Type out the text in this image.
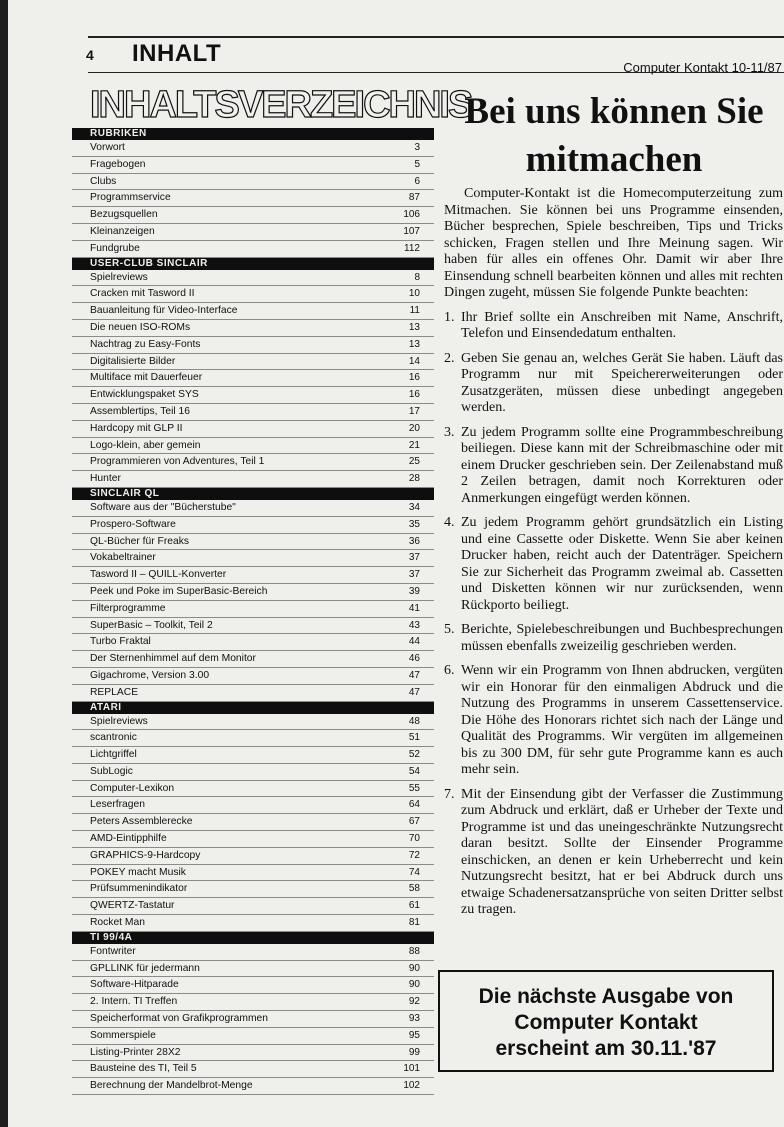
4 INHALT
Computer Kontakt 10-11/87
INHALTSVERZEICHNIS
RUBRIKEN
Vorwort	3
Fragebogen	5
Clubs	6
Programmservice	87
Bezugsquellen	106
Kleinanzeigen	107
Fundgrube	112
USER-CLUB SINCLAIR
Spielreviews	8
Cracken mit Tasword II	10
Bauanleitung für Video-Interface	11
Die neuen ISO-ROMs	13
Nachtrag zu Easy-Fonts	13
Digitalisierte Bilder	14
Multiface mit Dauerfeuer	16
Entwicklungspaket SYS	16
Assemblertips, Teil 16	17
Hardcopy mit GLP II	20
Logo-klein, aber gemein	21
Programmieren von Adventures, Teil 1	25
Hunter	28
SINCLAIR QL
Software aus der "Bücherstube"	34
Prospero-Software	35
QL-Bücher für Freaks	36
Vokabeltrainer	37
Tasword II – QUILL-Konverter	37
Peek und Poke im SuperBasic-Bereich	39
Filterprogramme	41
SuperBasic – Toolkit, Teil 2	43
Turbo Fraktal	44
Der Sternenhimmel auf dem Monitor	46
Gigachrome, Version 3.00	47
REPLACE	47
ATARI
Spielreviews	48
scantronic	51
Lichtgriffel	52
SubLogic	54
Computer-Lexikon	55
Leserfragen	64
Peters Assemblerecke	67
AMD-Eintipphilfe	70
GRAPHICS-9-Hardcopy	72
POKEY macht Musik	74
Prüfsummenindikator	58
QWERTZ-Tastatur	61
Rocket Man	81
TI 99/4A
Fontwriter	88
GPLLINK für jedermann	90
Software-Hitparade	90
2. Intern. TI Treffen	92
Speicherformat von Grafikprogrammen	93
Sommerspiele	95
Listing-Printer 28X2	99
Bausteine des TI, Teil 5	101
Berechnung der Mandelbrot-Menge	102
Bei uns können Sie
mitmachen

Computer-Kontakt ist die Homecomputerzeitung zum Mitmachen. Sie können bei uns Programme einsenden, Bücher besprechen, Spiele beschreiben, Tips und Tricks schicken, Fragen stellen und Ihre Meinung sagen. Wir haben für alles ein offenes Ohr. Damit wir aber Ihre Einsendung schnell bearbeiten können und alles mit rechten Dingen zugeht, müssen Sie folgende Punkte beachten:

1. Ihr Brief sollte ein Anschreiben mit Name, Anschrift, Telefon und Einsendedatum enthalten.
2. Geben Sie genau an, welches Gerät Sie haben. Läuft das Programm nur mit Speichererweiterungen oder Zusatzgeräten, müssen diese unbedingt angegeben werden.
3. Zu jedem Programm sollte eine Programmbeschreibung beiliegen. Diese kann mit der Schreibmaschine oder mit einem Drucker geschrieben sein. Der Zeilenabstand muß 2 Zeilen betragen, damit noch Korrekturen oder Anmerkungen eingefügt werden können.
4. Zu jedem Programm gehört grundsätzlich ein Listing und eine Cassette oder Diskette. Wenn Sie aber keinen Drucker haben, reicht auch der Datenträger. Speichern Sie zur Sicherheit das Programm zweimal ab. Cassetten und Disketten können wir nur zurücksenden, wenn Rückporto beiliegt.
5. Berichte, Spielebeschreibungen und Buchbesprechungen müssen ebenfalls zweizeilig geschrieben werden.
6. Wenn wir ein Programm von Ihnen abdrucken, vergüten wir ein Honorar für den einmaligen Abdruck und die Nutzung des Programms in unserem Cassettenservice. Die Höhe des Honorars richtet sich nach der Länge und Qualität des Programms. Wir vergüten im allgemeinen bis zu 300 DM, für sehr gute Programme kann es auch mehr sein.
7. Mit der Einsendung gibt der Verfasser die Zustimmung zum Abdruck und erklärt, daß er Urheber der Texte und Programme ist und das uneingeschränkte Nutzungsrecht daran besitzt. Sollte der Einsender Programme einschicken, an denen er kein Urheberrecht und kein Nutzungsrecht besitzt, hat er bei Abdruck durch uns etwaige Schadenersatzansprüche von seiten Dritter selbst zu tragen.
Die nächste Ausgabe von
Computer Kontakt
erscheint am 30.11.'87
